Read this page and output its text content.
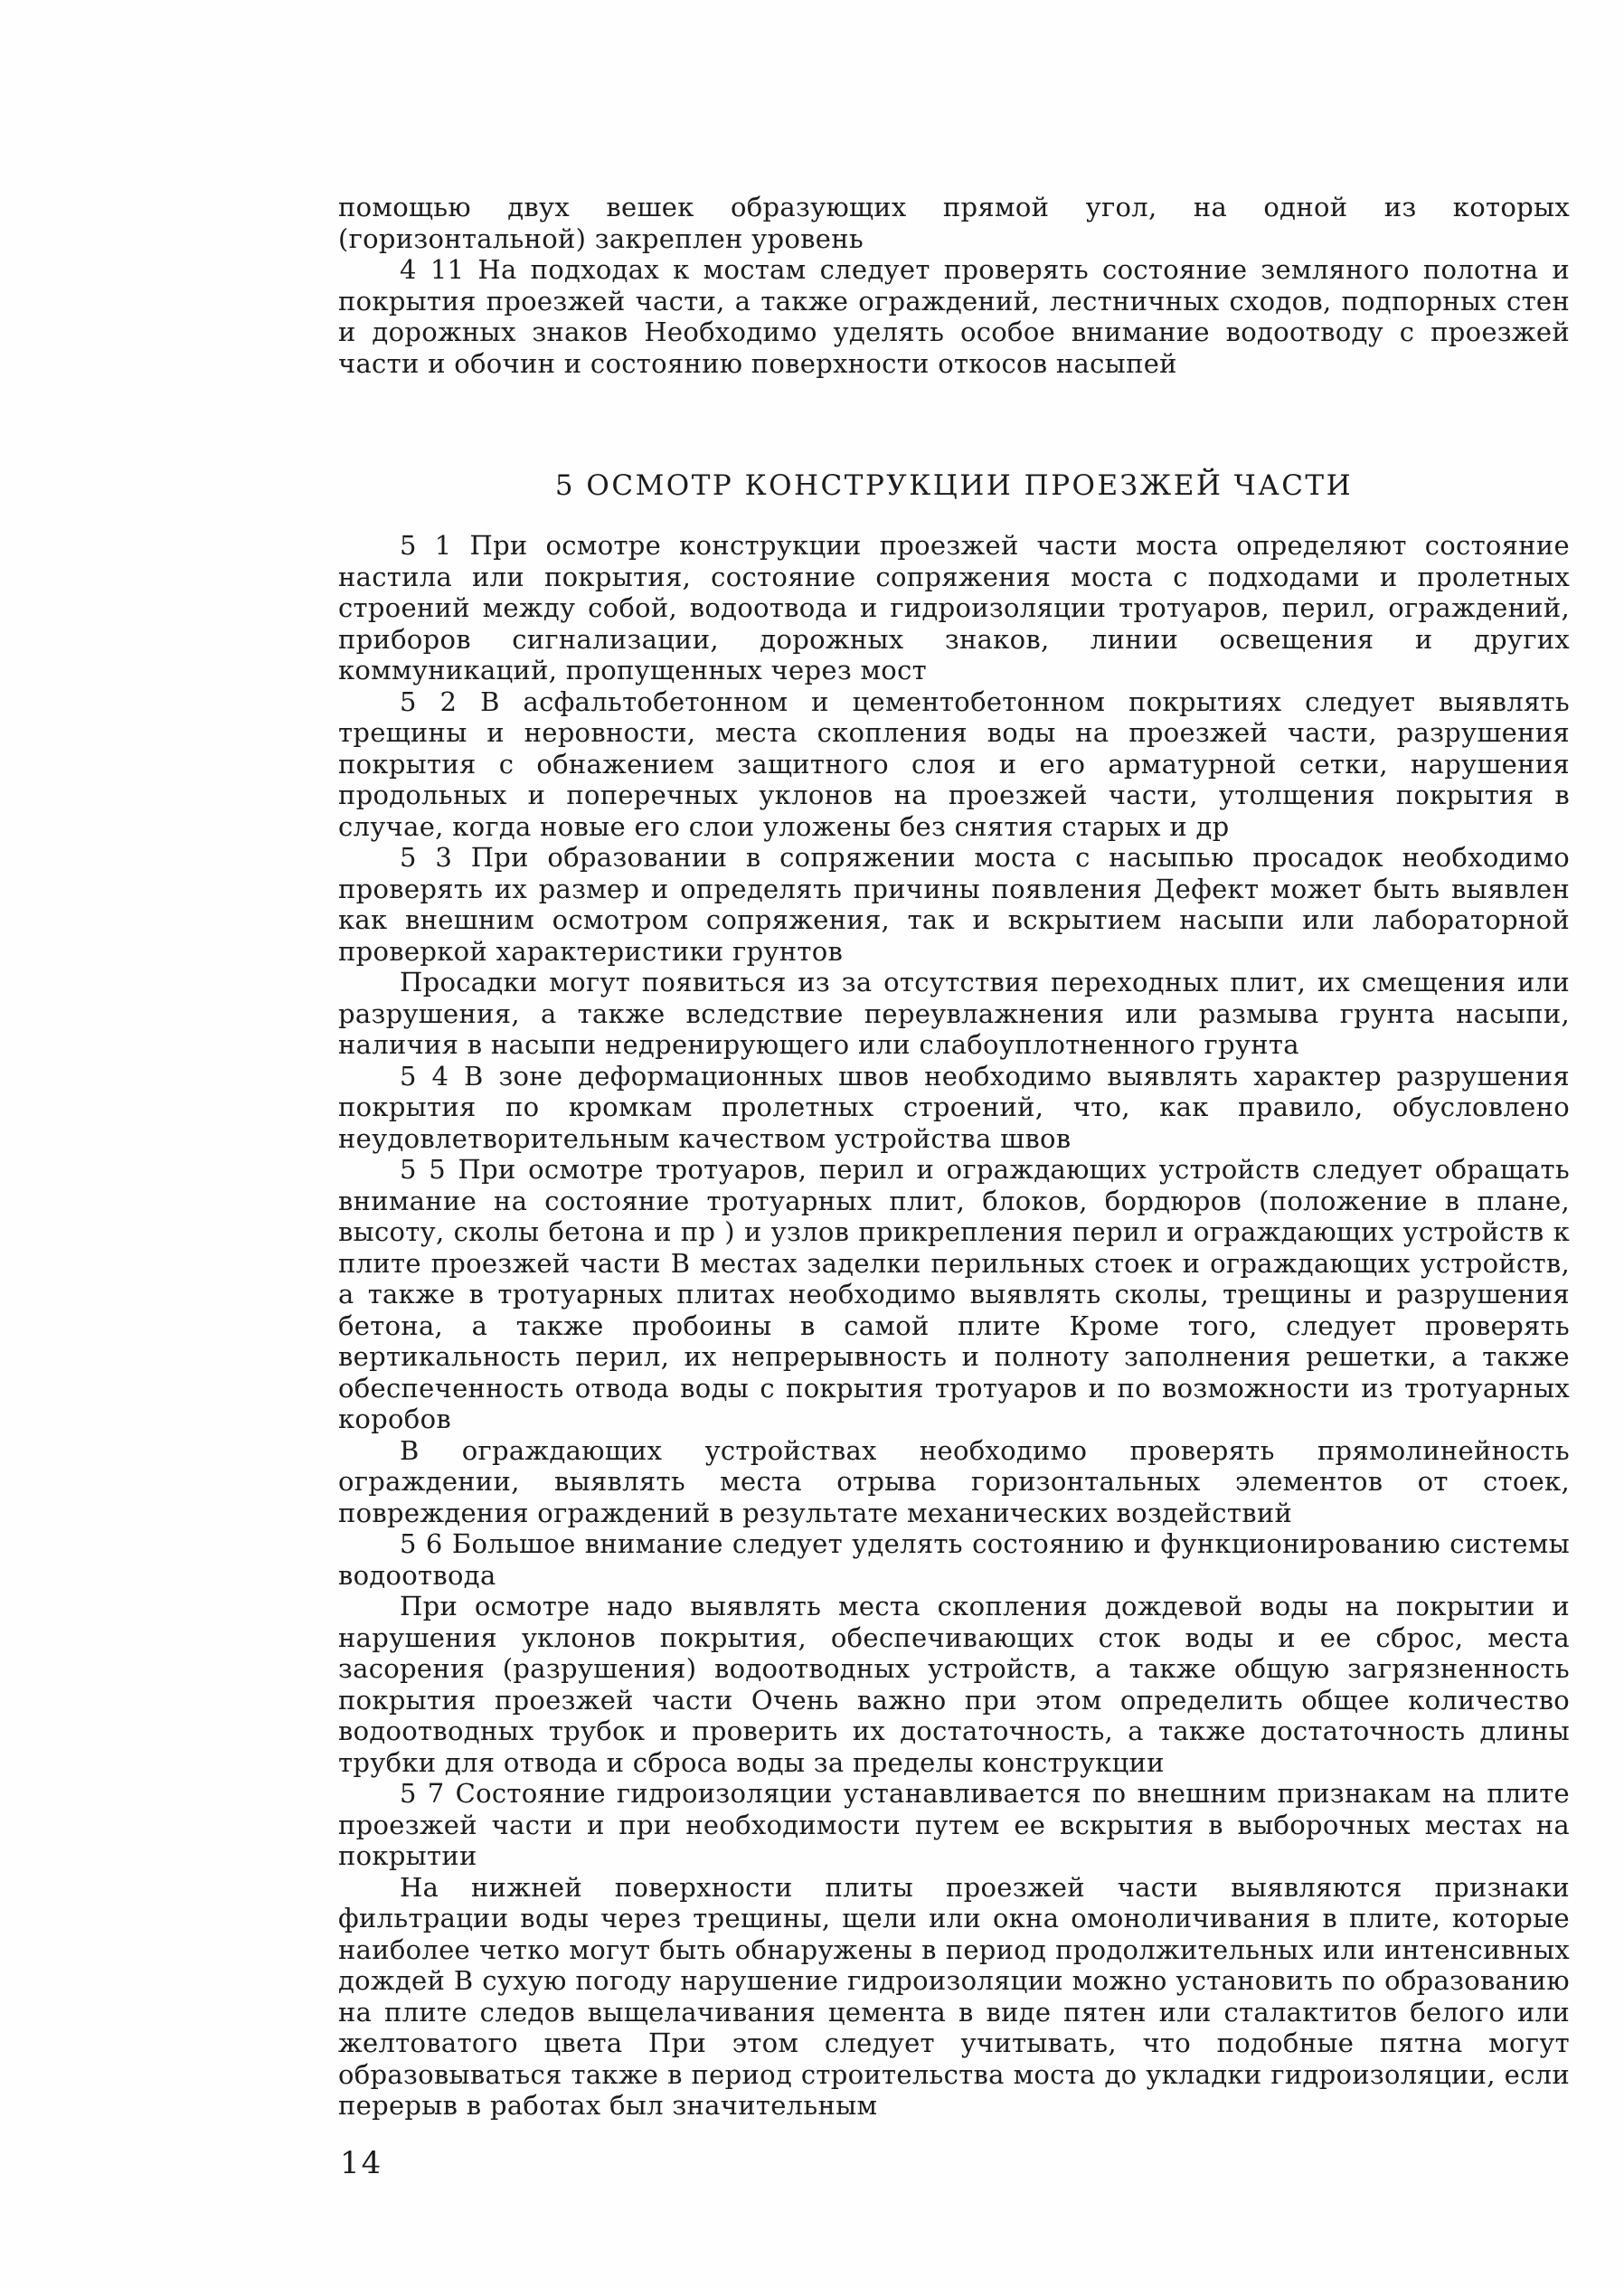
помощью двух вешек образующих прямой угол, на одной из которых (горизонтальной) закреплен уровень

4 11 На подходах к мостам следует проверять состояние земляного полотна и покрытия проезжей части, а также ограждений, лестничных сходов, подпорных стен и дорожных знаков Необходимо уделять особое внимание водоотводу с проезжей части и обочин и состоянию поверхности откосов насыпей

5 ОСМОТР КОНСТРУКЦИИ ПРОЕЗЖЕЙ ЧАСТИ

5 1 При осмотре конструкции проезжей части моста определяют состояние настила или покрытия, состояние сопряжения моста с подходами и пролетных строений между собой, водоотвода и гидроизоляции тротуаров, перил, ограждений, приборов сигнализации, дорожных знаков, линии освещения и других коммуникаций, пропущенных через мост

5 2 В асфальтобетонном и цементобетонном покрытиях следует выявлять трещины и неровности, места скопления воды на проезжей части, разрушения покрытия с обнажением защитного слоя и его арматурной сетки, нарушения продольных и поперечных уклонов на проезжей части, утолщения покрытия в случае, когда новые его слои уложены без снятия старых и др

5 3 При образовании в сопряжении моста с насыпью просадок необходимо проверять их размер и определять причины появления Дефект может быть выявлен как внешним осмотром сопряжения, так и вскрытием насыпи или лабораторной проверкой характеристики грунтов

Просадки могут появиться из за отсутствия переходных плит, их смещения или разрушения, а также вследствие переувлажнения или размыва грунта насыпи, наличия в насыпи недренирующего или слабоуплотненного грунта

5 4 В зоне деформационных швов необходимо выявлять характер разрушения покрытия по кромкам пролетных строений, что, как правило, обусловлено неудовлетворительным качеством устройства швов

5 5 При осмотре тротуаров, перил и ограждающих устройств следует обращать внимание на состояние тротуарных плит, блоков, бордюров (положение в плане, высоту, сколы бетона и пр ) и узлов прикрепления перил и ограждающих устройств к плите проезжей части В местах заделки перильных стоек и ограждающих устройств, а также в тротуарных плитах необходимо выявлять сколы, трещины и разрушения бетона, а также пробоины в самой плите Кроме того, следует проверять вертикальность перил, их непрерывность и полноту заполнения решетки, а также обеспеченность отвода воды с покрытия тротуаров и по возможности из тротуарных коробов

В ограждающих устройствах необходимо проверять прямолинейность ограждении, выявлять места отрыва горизонтальных элементов от стоек, повреждения ограждений в результате механических воздействий

5 6 Большое внимание следует уделять состоянию и функционированию системы водоотвода

При осмотре надо выявлять места скопления дождевой воды на покрытии и нарушения уклонов покрытия, обеспечивающих сток воды и ее сброс, места засорения (разрушения) водоотводных устройств, а также общую загрязненность покрытия проезжей части Очень важно при этом определить общее количество водоотводных трубок и проверить их достаточность, а также достаточность длины трубки для отвода и сброса воды за пределы конструкции

5 7 Состояние гидроизоляции устанавливается по внешним признакам на плите проезжей части и при необходимости путем ее вскрытия в выборочных местах на покрытии

На нижней поверхности плиты проезжей части выявляются признаки фильтрации воды через трещины, щели или окна омоноличивания в плите, которые наиболее четко могут быть обнаружены в период продолжительных или интенсивных дождей В сухую погоду нарушение гидроизоляции можно установить по образованию на плите следов выщелачивания цемента в виде пятен или сталактитов белого или желтоватого цвета При этом следует учитывать, что подобные пятна могут образовываться также в период строительства моста до укладки гидроизоляции, если перерыв в работах был значительным

14
